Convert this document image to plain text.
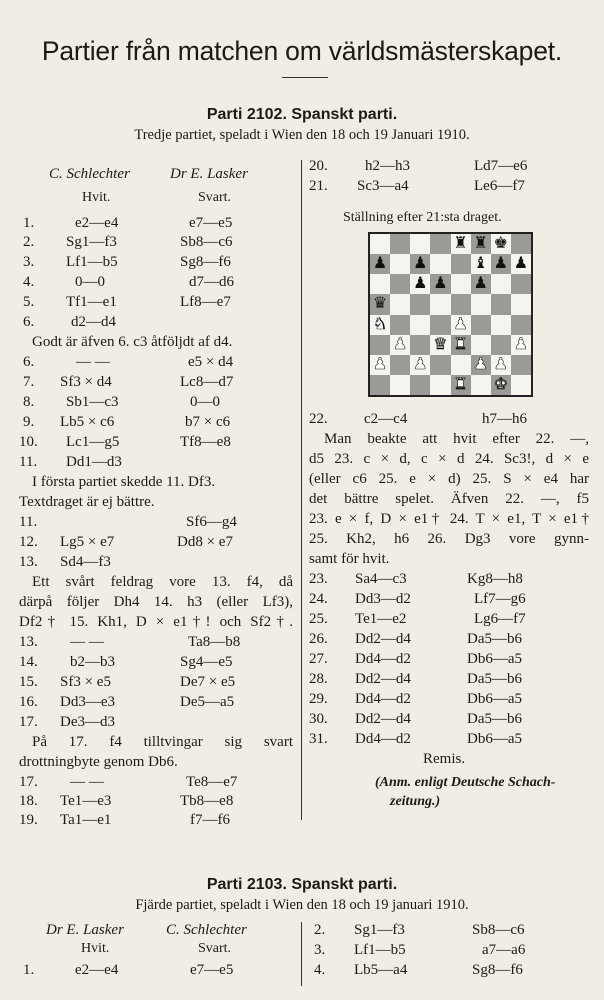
Partier från matchen om världsmästerskapet.
Parti 2102. Spanskt parti.
Tredje partiet, speladt i Wien den 18 och 19 Januari 1910.
C. Schlechter	Dr E. Lasker
Hvit.	Svart.
1.	e2—e4	e7—e5
2. Sg1—f3	Sb8—c6
3. Lf1—b5	Sg8—f6
4.	0—0	d7—d6
5. Tf1—e1	Lf8—e7
6. d2—d4
Godt är äfven 6. c3 åtföljdt af d4.
6.	— —	e5 × d4
7. Sf3 × d4	Lc8—d7
8. Sb1—c3	0—0
9. Lb5 × c6	b7 × c6
10. Lc1—g5	Tf8—e8
11. Dd1—d3
I första partiet skedde 11. Df3.
Textdraget är ej bättre.
11.	Sf6—g4
12. Lg5 × e7	Dd8 × e7
13. Sd4—f3
Ett svårt feldrag vore 13. f4, då
därpå följer Dh4 14. h3 (eller Lf3),
Df2† 15. Kh1, D × e1†! och Sf2†.
13. — —	Ta8—b8
14. b2—b3	Sg4—e5
15. Sf3 × e5	De7 × e5
16. Dd3—e3	De5—a5
17. De3—d3
På 17. f4 tilltvingar sig svart
drottningbyte genom Db6.
17. — —	Te8—e7
18. Te1—e3	Tb8—e8
19. Ta1—e1	f7—f6
20. h2—h3	Ld7—e6
21. Sc3—a4	Le6—f7
Ställning efter 21:sta draget.
♜ ♜ ♚
♟ ♟	♝ ♟ ♟
♟ ♟ ♟
♛
♞	♟
♟ ♛ ♜	♟
♟ ♟	♟ ♟
♜ ♚
22. c2—c4	h7—h6
Man beakte att hvit efter 22. —,
d5 23. c × d, c × d 24. Sc3!, d × e
(eller c6 25. e × d) 25. S × e4 har
det bättre spelet. Äfven 22. —, f5
23. e × f, D × e1† 24. T × e1, T × e1†
25. Kh2, h6 26. Dg3 vore gynn-
samt för hvit.
23. Sa4—c3	Kg8—h8
24. Dd3—d2	Lf7—g6
25. Te1—e2	Lg6—f7
26. Dd2—d4	Da5—b6
27. Dd4—d2	Db6—a5
28. Dd2—d4	Da5—b6
29. Dd4—d2	Db6—a5
30. Dd2—d4	Da5—b6
31. Dd4—d2	Db6—a5
Remis.
(Anm. enligt Deutsche Schach-
zeitung.)
Parti 2103. Spanskt parti.
Fjärde partiet, speladt i Wien den 18 och 19 januari 1910.
Dr E. Lasker	C. Schlechter
Hvit.	Svart.
1.	e2—e4	e7—e5
2. Sg1—f3	Sb8—c6
3. Lf1—b5	a7—a6
4. Lb5—a4	Sg8—f6
